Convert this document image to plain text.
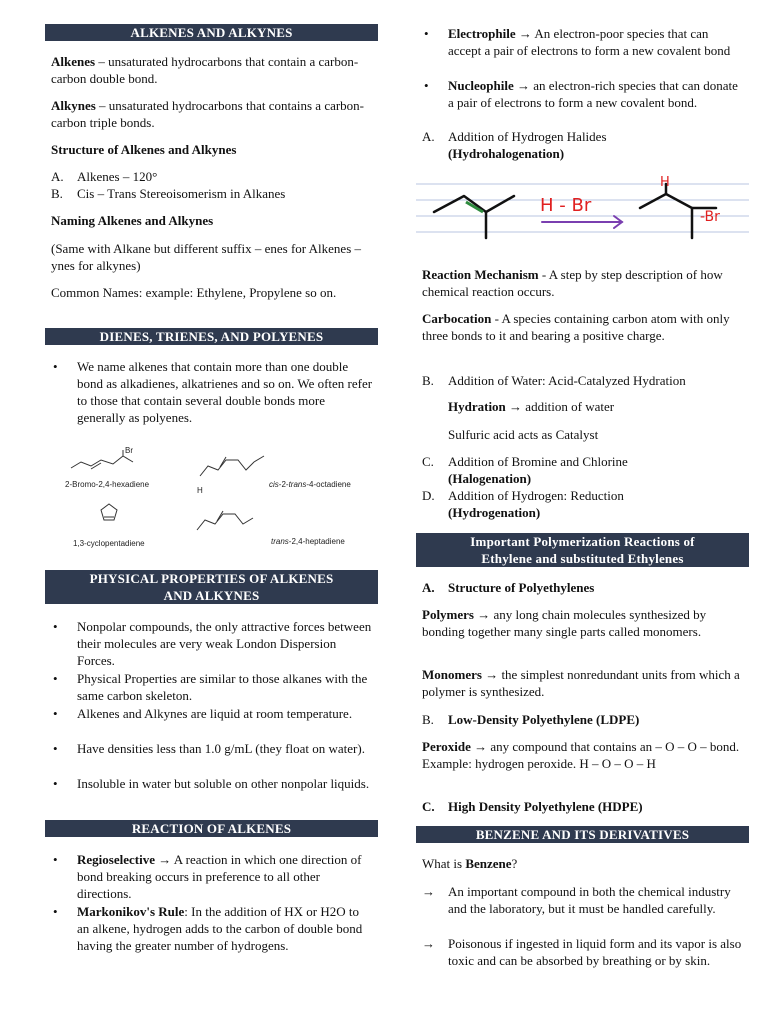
ALKENES AND ALKYNES

Alkenes – unsaturated hydrocarbons that contain a carbon-carbon double bond.

Alkynes – unsaturated hydrocarbons that contains a carbon-carbon triple bonds.

Structure of Alkenes and Alkynes
A. Alkenes – 120°
B. Cis – Trans Stereoisomerism in Alkanes
Naming Alkenes and Alkynes
(Same with Alkane but different suffix – enes for Alkenes –ynes for alkynes)
Common Names: example: Ethylene, Propylene so on.
DIENES, TRIENES, AND POLYENES
• We name alkenes that contain more than one double bond as alkadienes, alkatrienes and so on. We often refer to those that contain several double bonds more generally as polyenes.
Br
H
2-Bromo-2,4-hexadiene	cis-2-trans-4-octadiene
1,3-cyclopentadiene	trans-2,4-heptadiene
PHYSICAL PROPERTIES OF ALKENES
AND ALKYNES
• Nonpolar compounds, the only attractive forces between their molecules are very weak London Dispersion Forces.
• Physical Properties are similar to those alkanes with the same carbon skeleton.
• Alkenes and Alkynes are liquid at room temperature.
• Have densities less than 1.0 g/mL (they float on water).
• Insoluble in water but soluble on other nonpolar liquids.
REACTION OF ALKENES
• Regioselective → A reaction in which one direction of bond breaking occurs in preference to all other directions.
• Markonikov's Rule: In the addition of HX or H2O to an alkene, hydrogen adds to the carbon of double bond having the greater number of hydrogens.
• Electrophile → An electron-poor species that can accept a pair of electrons to form a new covalent bond
• Nucleophile → an electron-rich species that can donate a pair of electrons to form a new covalent bond.
A. Addition of Hydrogen Halides
(Hydrohalogenation)
H - Br
H
-Br
Reaction Mechanism - A step by step description of how chemical reaction occurs.
Carbocation - A species containing carbon atom with only three bonds to it and bearing a positive charge.
B. Addition of Water: Acid-Catalyzed Hydration
Hydration → addition of water
Sulfuric acid acts as Catalyst
C. Addition of Bromine and Chlorine
(Halogenation)
D. Addition of Hydrogen: Reduction
(Hydrogenation)
Important Polymerization Reactions of
Ethylene and substituted Ethylenes
A. Structure of Polyethylenes
Polymers → any long chain molecules synthesized by bonding together many single parts called monomers.
Monomers → the simplest nonredundant units from which a polymer is synthesized.
B. Low-Density Polyethylene (LDPE)
Peroxide → any compound that contains an – O – O – bond. Example: hydrogen peroxide. H – O – O – H
C. High Density Polyethylene (HDPE)
BENZENE AND ITS DERIVATIVES
What is Benzene?
→ An important compound in both the chemical industry and the laboratory, but it must be handled carefully.
→ Poisonous if ingested in liquid form and its vapor is also toxic and can be absorbed by breathing or by skin.
